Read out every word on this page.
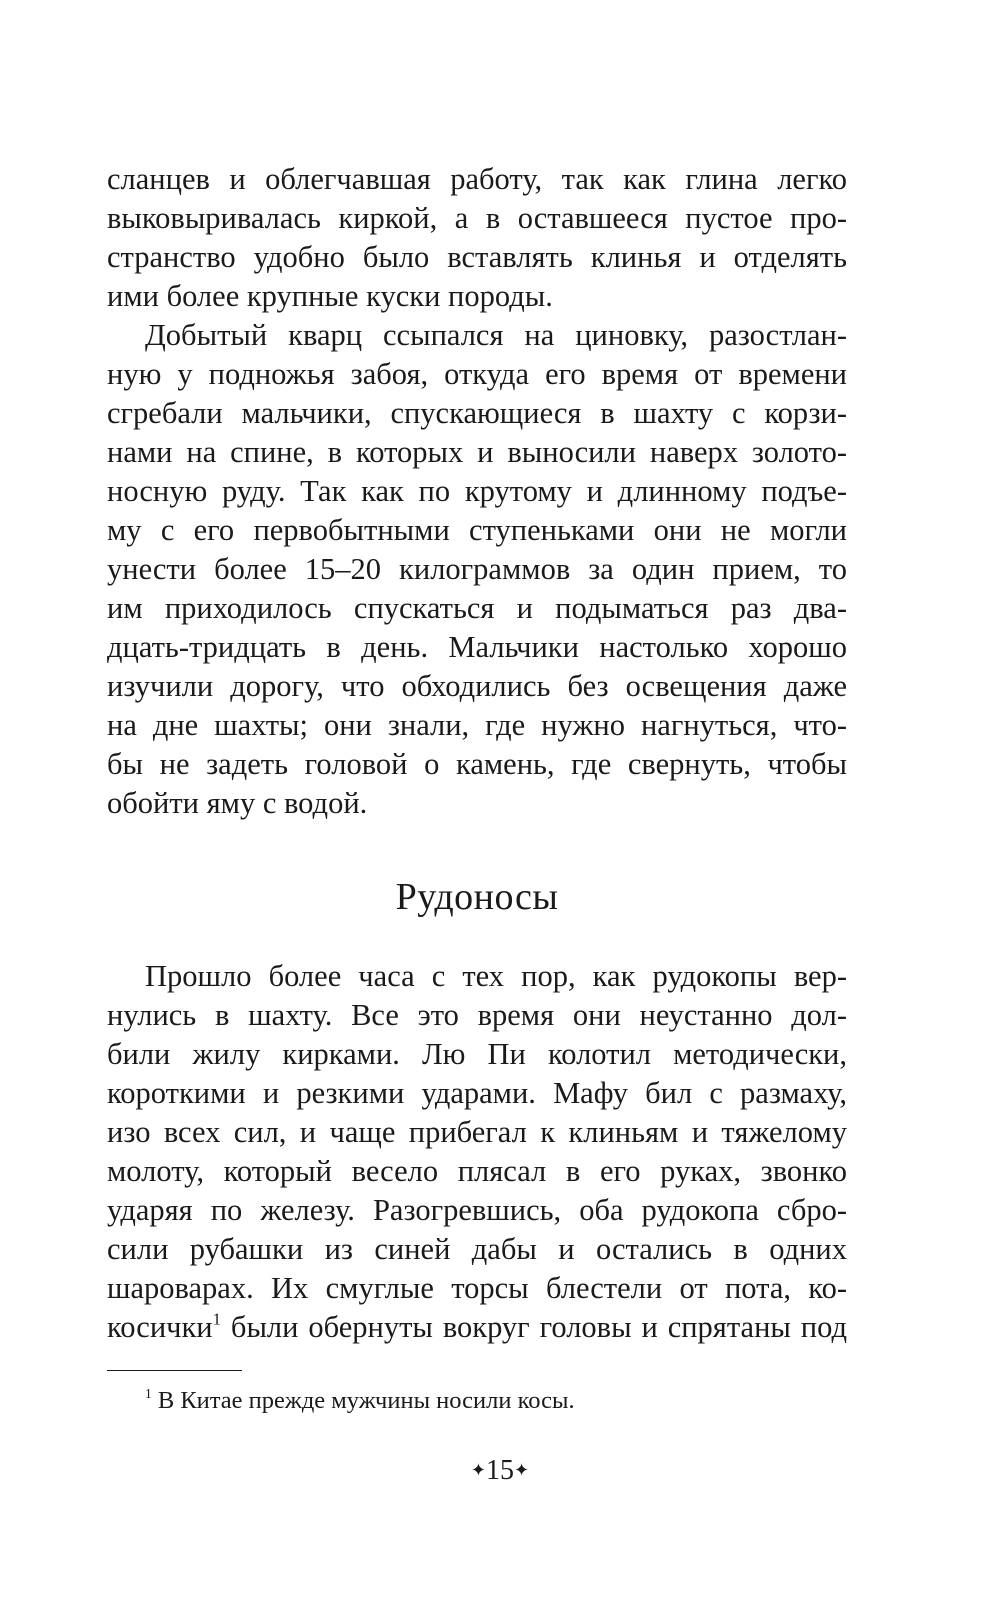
сланцев и облегчавшая работу, так как глина легко
выковыривалась киркой, а в оставшееся пустое про-
странство удобно было вставлять клинья и отделять
ими более крупные куски породы.
Добытый кварц ссыпался на циновку, разостлан-
ную у подножья забоя, откуда его время от времени
сгребали мальчики, спускающиеся в шахту с корзи-
нами на спине, в которых и выносили наверх золото-
носную руду. Так как по крутому и длинному подъе-
му с его первобытными ступеньками они не могли
унести более 15–20 килограммов за один прием, то
им приходилось спускаться и подыматься раз два-
дцать-тридцать в день. Мальчики настолько хорошо
изучили дорогу, что обходились без освещения даже
на дне шахты; они знали, где нужно нагнуться, что-
бы не задеть головой о камень, где свернуть, чтобы
обойти яму с водой.
Рудоносы
Прошло более часа с тех пор, как рудокопы вер-
нулись в шахту. Все это время они неустанно дол-
били жилу кирками. Лю Пи колотил методически,
короткими и резкими ударами. Мафу бил с размаху,
изо всех сил, и чаще прибегал к клиньям и тяжелому
молоту, который весело плясал в его руках, звонко
ударяя по железу. Разогревшись, оба рудокопа сбро-
сили рубашки из синей дабы и остались в одних
шароварах. Их смуглые торсы блестели от пота, ко-
косички$^1$ были обернуты вокруг головы и спрятаны под
$^1$ В Китае прежде мужчины носили косы.
✦15✦
